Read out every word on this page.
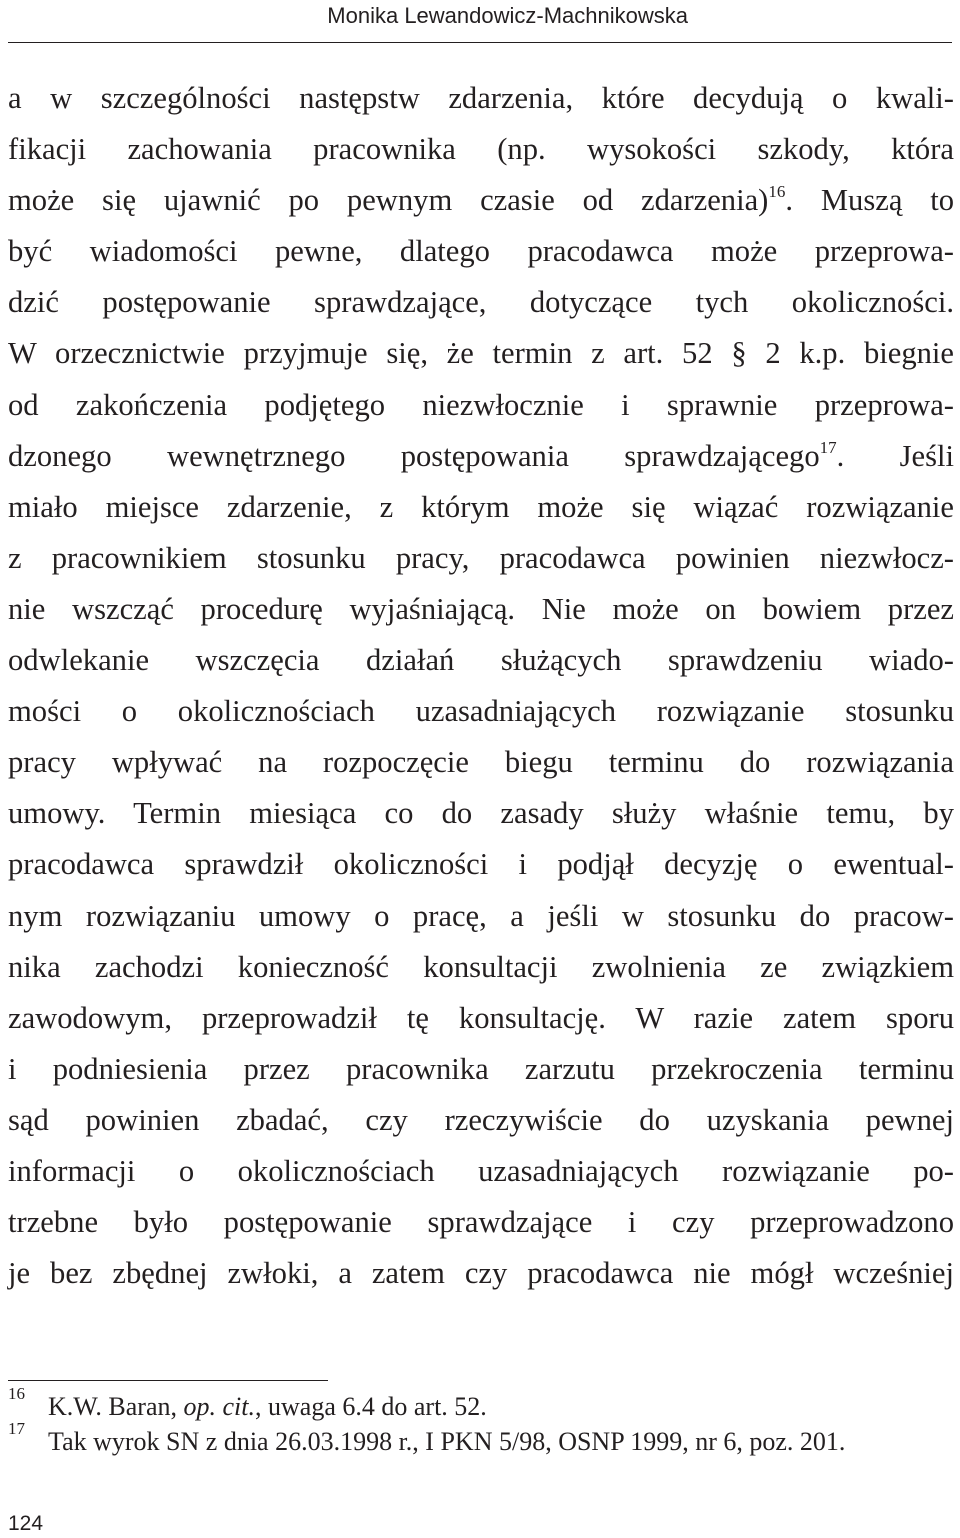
Monika Lewandowicz-Machnikowska
a w szczególności następstw zdarzenia, które decydują o kwali-
fikacji zachowania pracownika (np. wysokości szkody, która
może się ujawnić po pewnym czasie od zdarzenia)$^{16}$. Muszą to
być wiadomości pewne, dlatego pracodawca może przeprowa-
dzić postępowanie sprawdzające, dotyczące tych okoliczności.
W orzecznictwie przyjmuje się, że termin z art. 52 § 2 k.p. biegnie
od zakończenia podjętego niezwłocznie i sprawnie przeprowa-
dzonego wewnętrznego postępowania sprawdzającego$^{17}$. Jeśli
miało miejsce zdarzenie, z którym może się wiązać rozwiązanie
z pracownikiem stosunku pracy, pracodawca powinien niezwłocz-
nie wszcząć procedurę wyjaśniającą. Nie może on bowiem przez
odwlekanie wszczęcia działań służących sprawdzeniu wiado-
mości o okolicznościach uzasadniających rozwiązanie stosunku
pracy wpływać na rozpoczęcie biegu terminu do rozwiązania
umowy. Termin miesiąca co do zasady służy właśnie temu, by
pracodawca sprawdził okoliczności i podjął decyzję o ewentual-
nym rozwiązaniu umowy o pracę, a jeśli w stosunku do pracow-
nika zachodzi konieczność konsultacji zwolnienia ze związkiem
zawodowym, przeprowadził tę konsultację. W razie zatem sporu
i podniesienia przez pracownika zarzutu przekroczenia terminu
sąd powinien zbadać, czy rzeczywiście do uzyskania pewnej
informacji o okolicznościach uzasadniających rozwiązanie po-
trzebne było postępowanie sprawdzające i czy przeprowadzono
je bez zbędnej zwłoki, a zatem czy pracodawca nie mógł wcześniej
16 K.W. Baran, op. cit., uwaga 6.4 do art. 52.
17 Tak wyrok SN z dnia 26.03.1998 r., I PKN 5/98, OSNP 1999, nr 6, poz. 201.
124
